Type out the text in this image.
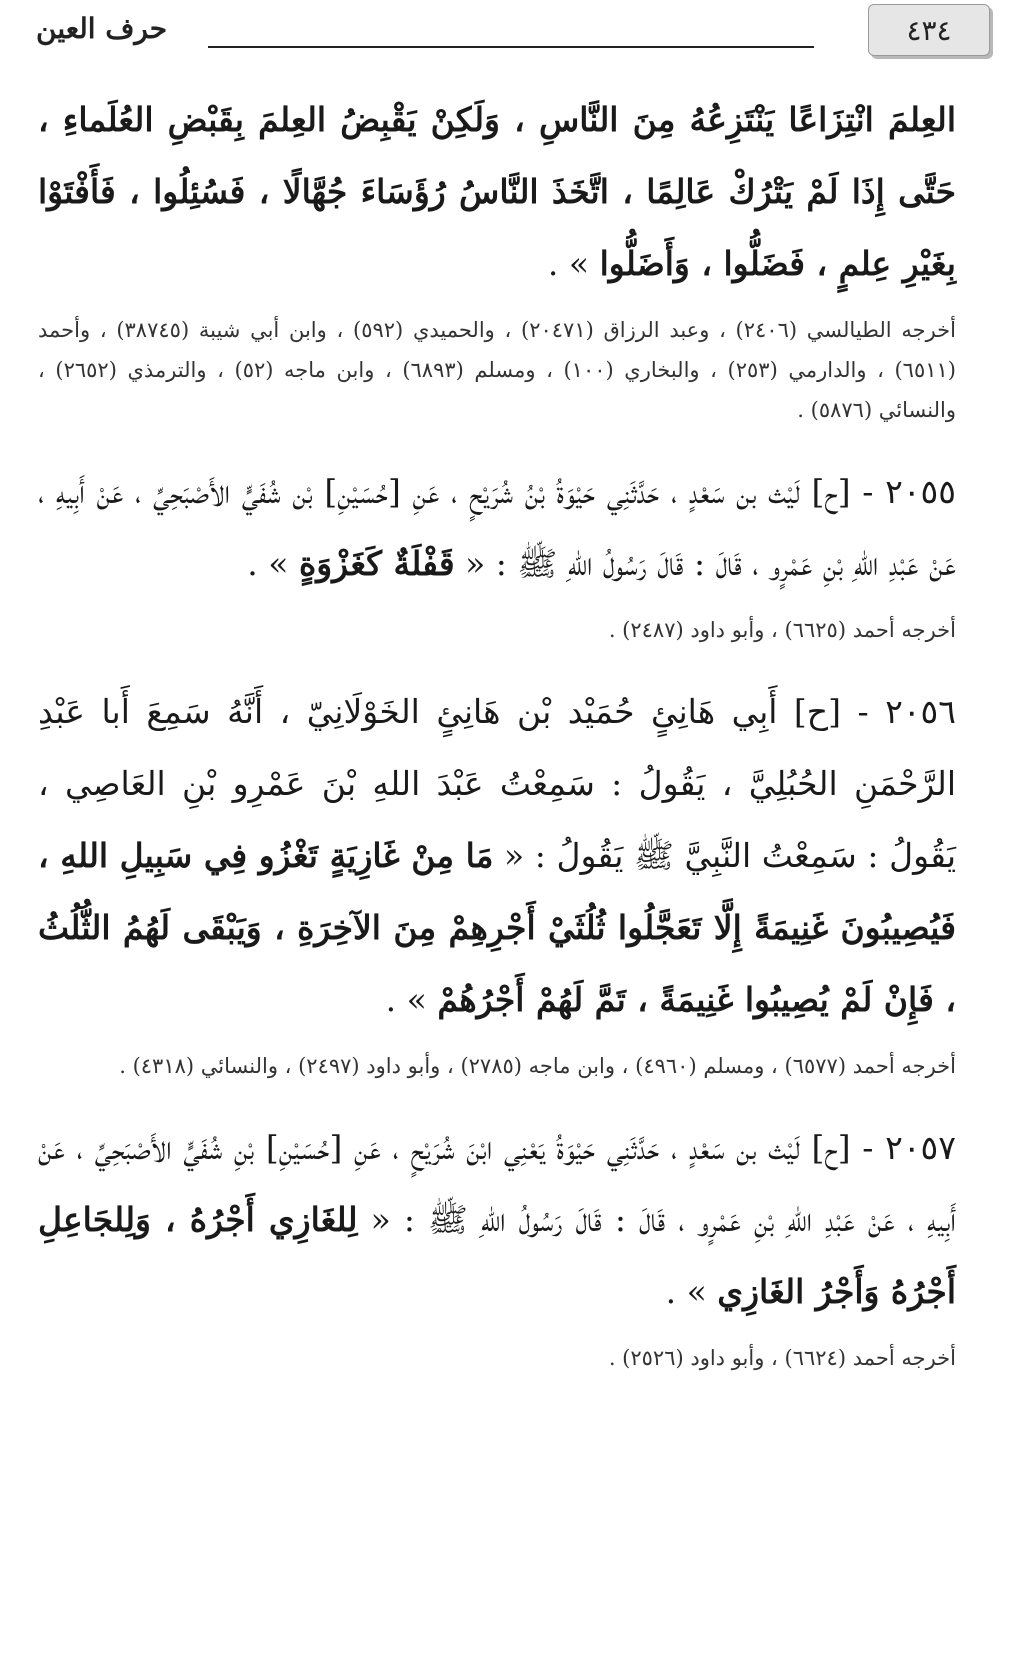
٤٣٤
حرف العين

العِلمَ انْتِزَاعًا يَنْتَزِعُهُ مِنَ النَّاسِ ، وَلَكِنْ يَقْبِضُ العِلمَ بِقَبْضِ العُلَماءِ ، حَتَّى إِذَا لَمْ يَتْرُكْ عَالِمًا ، اتَّخَذَ النَّاسُ رُؤَسَاءَ جُهَّالًا ، فَسُئِلُوا ، فَأَفْتَوْا بِغَيْرِ عِلمٍ ، فَضَلُّوا ، وَأَضَلُّوا » .

أخرجه الطيالسي (٢٤٠٦) ، وعبد الرزاق (٢٠٤٧١) ، والحميدي (٥٩٢) ، وابن أبي شيبة (٣٨٧٤٥) ، وأحمد (٦٥١١) ، والدارمي (٢٥٣) ، والبخاري (١٠٠) ، ومسلم (٦٨٩٣) ، وابن ماجه (٥٢) ، والترمذي (٢٦٥٢) ، والنسائي (٥٨٧٦) .

٢٠٥٥ - [ح] لَيْث بن سَعْدٍ ، حَدَّثَنِي حَيْوَةُ بْنُ شُرَيْحٍ ، عَنِ [حُسَيْنِ] بْن شُفَيٍّ الأَصْبَحِيِّ ، عَنْ أَبِيهِ ، عَنْ عَبْدِ اللهِ بْنِ عَمْرٍو ، قَالَ : قَالَ رَسُولُ اللهِ ﷺ : « قَفْلَةٌ كَغَزْوَةٍ » .

أخرجه أحمد (٦٦٢٥) ، وأبو داود (٢٤٨٧) .

٢٠٥٦ - [ح] أَبِي هَانِئٍ حُمَيْد بْن هَانِئٍ الخَوْلَانِيّ ، أَنَّهُ سَمِعَ أَبا عَبْدِ الرَّحْمَنِ الحُبُلِيَّ ، يَقُولُ : سَمِعْتُ عَبْدَ اللهِ بْنَ عَمْرِو بْنِ العَاصِي ، يَقُولُ : سَمِعْتُ النَّبِيَّ ﷺ يَقُولُ : « مَا مِنْ غَازِيَةٍ تَغْزُو فِي سَبِيلِ اللهِ ، فَيُصِيبُونَ غَنِيمَةً إِلَّا تَعَجَّلُوا ثُلُثَيْ أَجْرِهِمْ مِنَ الآخِرَةِ ، وَيَبْقَى لَهُمُ الثُّلُثُ ، فَإِنْ لَمْ يُصِيبُوا غَنِيمَةً ، تَمَّ لَهُمْ أَجْرُهُمْ » .

أخرجه أحمد (٦٥٧٧) ، ومسلم (٤٩٦٠) ، وابن ماجه (٢٧٨٥) ، وأبو داود (٢٤٩٧) ، والنسائي (٤٣١٨) .

٢٠٥٧ - [ح] لَيْث بن سَعْدٍ ، حَدَّثَنِي حَيْوَةُ يَعْنِي ابْنَ شُرَيْحٍ ، عَنِ [حُسَيْنِ] بْنِ شُفَيٍّ الأَصْبَحِيِّ ، عَنْ أَبِيهِ ، عَنْ عَبْدِ اللهِ بْنِ عَمْرٍو ، قَالَ : قَالَ رَسُولُ اللهِ ﷺ : « لِلغَازِي أَجْرُهُ ، وَلِلجَاعِلِ أَجْرُهُ وَأَجْرُ الغَازِي » .

أخرجه أحمد (٦٦٢٤) ، وأبو داود (٢٥٢٦) .
